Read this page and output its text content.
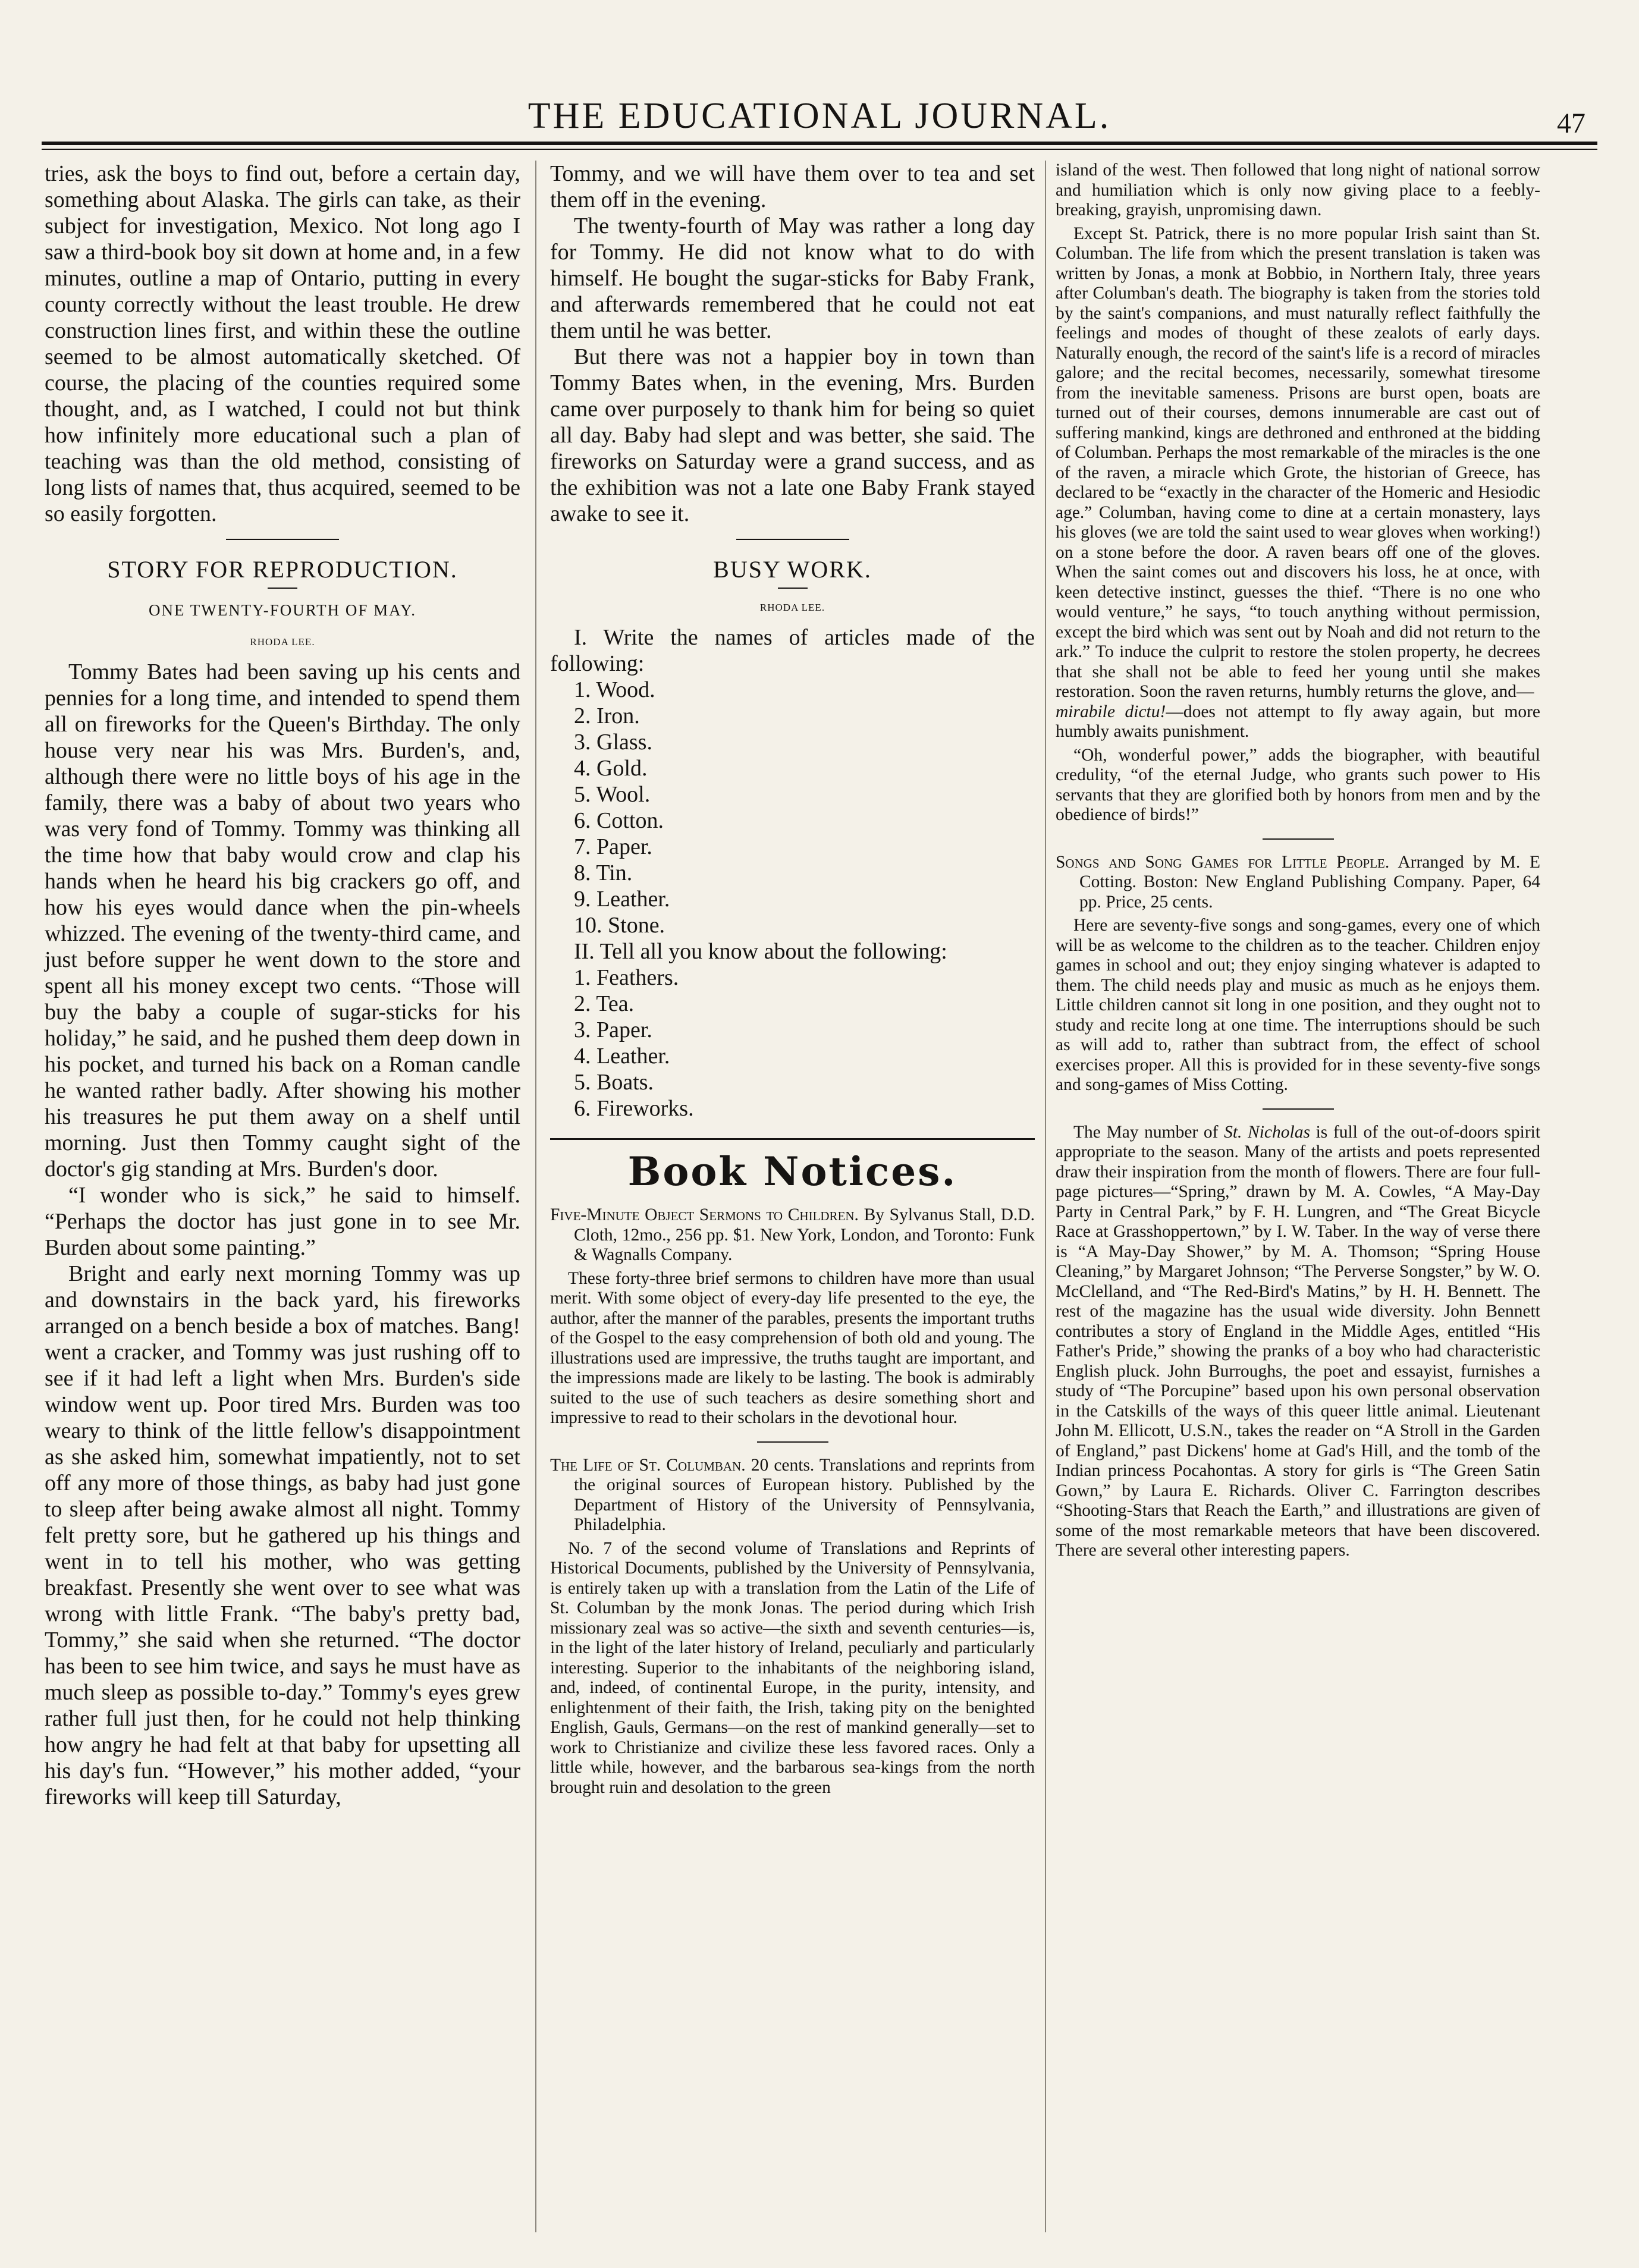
THE EDUCATIONAL JOURNAL.	47

tries, ask the boys to find out, before a certain day, something about Alaska. The girls can take, as their subject for investigation, Mexico. Not long ago I saw a third-book boy sit down at home and, in a few minutes, outline a map of Ontario, putting in every county correctly without the least trouble. He drew construction lines first, and within these the outline seemed to be almost automatically sketched. Of course, the placing of the counties required some thought, and, as I watched, I could not but think how infinitely more educational such a plan of teaching was than the old method, consisting of long lists of names that, thus acquired, seemed to be so easily forgotten.

STORY FOR REPRODUCTION.
ONE TWENTY-FOURTH OF MAY.
RHODA LEE.

Tommy Bates had been saving up his cents and pennies for a long time, and intended to spend them all on fireworks for the Queen's Birthday. The only house very near his was Mrs. Burden's, and, although there were no little boys of his age in the family, there was a baby of about two years who was very fond of Tommy. Tommy was thinking all the time how that baby would crow and clap his hands when he heard his big crackers go off, and how his eyes would dance when the pin-wheels whizzed. The evening of the twenty-third came, and just before supper he went down to the store and spent all his money except two cents. “Those will buy the baby a couple of sugar-sticks for his holiday,” he said, and he pushed them deep down in his pocket, and turned his back on a Roman candle he wanted rather badly. After showing his mother his treasures he put them away on a shelf until morning. Just then Tommy caught sight of the doctor's gig standing at Mrs. Burden's door.

“I wonder who is sick,” he said to himself. “Perhaps the doctor has just gone in to see Mr. Burden about some painting.”

Bright and early next morning Tommy was up and downstairs in the back yard, his fireworks arranged on a bench beside a box of matches. Bang! went a cracker, and Tommy was just rushing off to see if it had left a light when Mrs. Burden's side window went up. Poor tired Mrs. Burden was too weary to think of the little fellow's disappointment as she asked him, somewhat impatiently, not to set off any more of those things, as baby had just gone to sleep after being awake almost all night. Tommy felt pretty sore, but he gathered up his things and went in to tell his mother, who was getting breakfast. Presently she went over to see what was wrong with little Frank. “The baby's pretty bad, Tommy,” she said when she returned. “The doctor has been to see him twice, and says he must have as much sleep as possible to-day.” Tommy's eyes grew rather full just then, for he could not help thinking how angry he had felt at that baby for upsetting all his day's fun. “However,” his mother added, “your fireworks will keep till Saturday,

Tommy, and we will have them over to tea and set them off in the evening.

The twenty-fourth of May was rather a long day for Tommy. He did not know what to do with himself. He bought the sugar-sticks for Baby Frank, and afterwards remembered that he could not eat them until he was better.

But there was not a happier boy in town than Tommy Bates when, in the evening, Mrs. Burden came over purposely to thank him for being so quiet all day. Baby had slept and was better, she said. The fireworks on Saturday were a grand success, and as the exhibition was not a late one Baby Frank stayed awake to see it.

BUSY WORK.
RHODA LEE.

I. Write the names of articles made of the following:

1. Wood.
2. Iron.
3. Glass.
4. Gold.
5. Wool.
6. Cotton.
7. Paper.
8. Tin.
9. Leather.
10. Stone.

II. Tell all you know about the following:

1. Feathers.
2. Tea.
3. Paper.
4. Leather.
5. Boats.
6. Fireworks.
Book Notices.

Five-Minute Object Sermons to Children. By Sylvanus Stall, D.D. Cloth, 12mo., 256 pp. $1. New York, London, and Toronto: Funk & Wagnalls Company.

These forty-three brief sermons to children have more than usual merit. With some object of every-day life presented to the eye, the author, after the manner of the parables, presents the important truths of the Gospel to the easy comprehension of both old and young. The illustrations used are impressive, the truths taught are important, and the impressions made are likely to be lasting. The book is admirably suited to the use of such teachers as desire something short and impressive to read to their scholars in the devotional hour.

The Life of St. Columban. 20 cents. Translations and reprints from the original sources of European history. Published by the Department of History of the University of Pennsylvania, Philadelphia.

No. 7 of the second volume of Translations and Reprints of Historical Documents, published by the University of Pennsylvania, is entirely taken up with a translation from the Latin of the Life of St. Columban by the monk Jonas. The period during which Irish missionary zeal was so active—the sixth and seventh centuries—is, in the light of the later history of Ireland, peculiarly and particularly interesting. Superior to the inhabitants of the neighboring island, and, indeed, of continental Europe, in the purity, intensity, and enlightenment of their faith, the Irish, taking pity on the benighted English, Gauls, Germans—on the rest of mankind generally—set to work to Christianize and civilize these less favored races. Only a little while, however, and the barbarous sea-kings from the north brought ruin and desolation to the green

island of the west. Then followed that long night of national sorrow and humiliation which is only now giving place to a feebly-breaking, grayish, unpromising dawn.

Except St. Patrick, there is no more popular Irish saint than St. Columban. The life from which the present translation is taken was written by Jonas, a monk at Bobbio, in Northern Italy, three years after Columban's death. The biography is taken from the stories told by the saint's companions, and must naturally reflect faithfully the feelings and modes of thought of these zealots of early days. Naturally enough, the record of the saint's life is a record of miracles galore; and the recital becomes, necessarily, somewhat tiresome from the inevitable sameness. Prisons are burst open, boats are turned out of their courses, demons innumerable are cast out of suffering mankind, kings are dethroned and enthroned at the bidding of Columban. Perhaps the most remarkable of the miracles is the one of the raven, a miracle which Grote, the historian of Greece, has declared to be “exactly in the character of the Homeric and Hesiodic age.” Columban, having come to dine at a certain monastery, lays his gloves (we are told the saint used to wear gloves when working!) on a stone before the door. A raven bears off one of the gloves. When the saint comes out and discovers his loss, he at once, with keen detective instinct, guesses the thief. “There is no one who would venture,” he says, “to touch anything without permission, except the bird which was sent out by Noah and did not return to the ark.” To induce the culprit to restore the stolen property, he decrees that she shall not be able to feed her young until she makes restoration. Soon the raven returns, humbly returns the glove, and—

mirabile dictu!—does not attempt to fly away again, but more humbly awaits punishment.

“Oh, wonderful power,” adds the biographer, with beautiful credulity, “of the eternal Judge, who grants such power to His servants that they are glorified both by honors from men and by the obedience of birds!”

Songs and Song Games for Little People. Arranged by M. E Cotting. Boston: New England Publishing Company. Paper, 64 pp. Price, 25 cents.

Here are seventy-five songs and song-games, every one of which will be as welcome to the children as to the teacher. Children enjoy games in school and out; they enjoy singing whatever is adapted to them. The child needs play and music as much as he enjoys them. Little children cannot sit long in one position, and they ought not to study and recite long at one time. The interruptions should be such as will add to, rather than subtract from, the effect of school exercises proper. All this is provided for in these seventy-five songs and song-games of Miss Cotting.

The May number of St. Nicholas is full of the out-of-doors spirit appropriate to the season. Many of the artists and poets represented draw their inspiration from the month of flowers. There are four full-page pictures—“Spring,” drawn by M. A. Cowles, “A May-Day Party in Central Park,” by F. H. Lungren, and “The Great Bicycle Race at Grasshoppertown,” by I. W. Taber. In the way of verse there is “A May-Day Shower,” by M. A. Thomson; “Spring House Cleaning,” by Margaret Johnson; “The Perverse Songster,” by W. O. McClelland, and “The Red-Bird's Matins,” by H. H. Bennett. The rest of the magazine has the usual wide diversity. John Bennett contributes a story of England in the Middle Ages, entitled “His Father's Pride,” showing the pranks of a boy who had characteristic English pluck. John Burroughs, the poet and essayist, furnishes a study of “The Porcupine” based upon his own personal observation in the Catskills of the ways of this queer little animal. Lieutenant John M. Ellicott, U.S.N., takes the reader on “A Stroll in the Garden of England,” past Dickens' home at Gad's Hill, and the tomb of the Indian princess Pocahontas. A story for girls is “The Green Satin Gown,” by Laura E. Richards. Oliver C. Farrington describes “Shooting-Stars that Reach the Earth,” and illustrations are given of some of the most remarkable meteors that have been discovered. There are several other interesting papers.
